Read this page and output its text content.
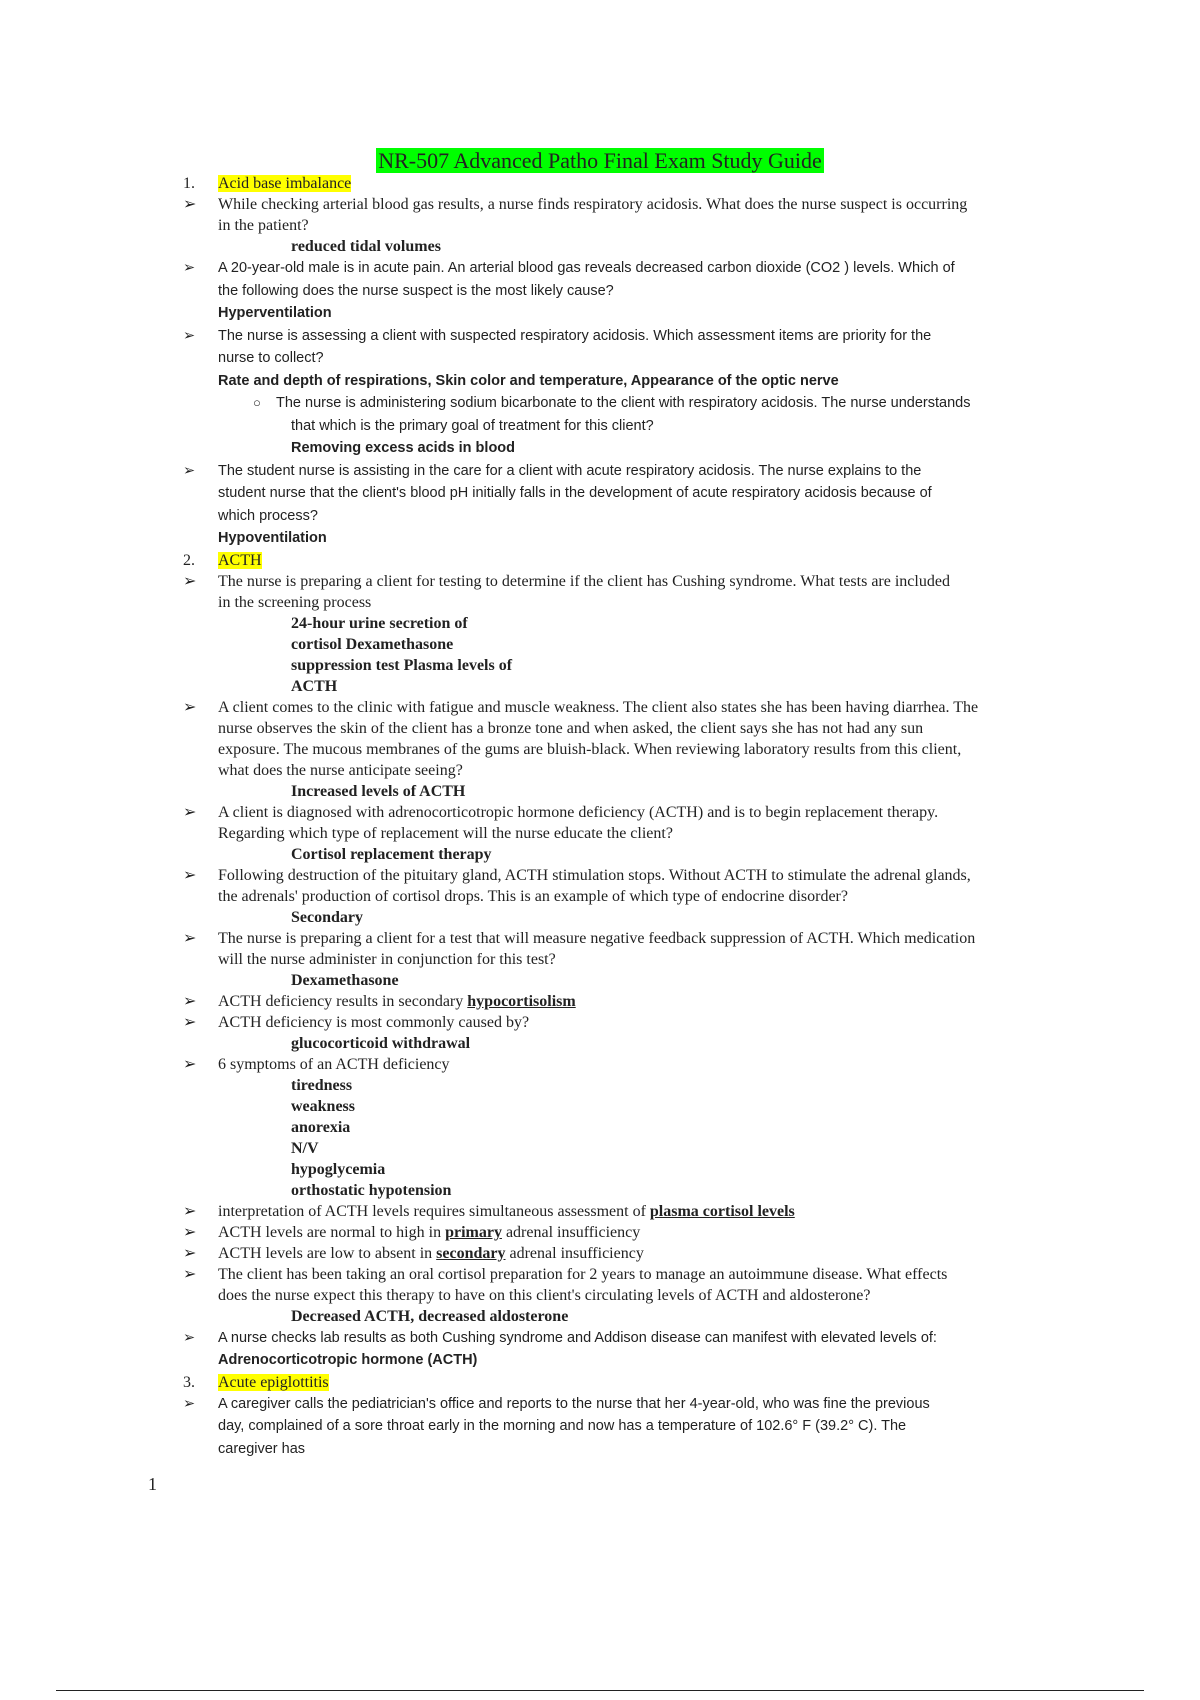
NR-507 Advanced Patho Final Exam Study Guide
1. Acid base imbalance
➢ While checking arterial blood gas results, a nurse finds respiratory acidosis. What does the nurse suspect is occurring
in the patient?
reduced tidal volumes
➢ A 20-year-old male is in acute pain. An arterial blood gas reveals decreased carbon dioxide (CO2 ) levels. Which of
the following does the nurse suspect is the most likely cause?
Hyperventilation
➢ The nurse is assessing a client with suspected respiratory acidosis. Which assessment items are priority for the
nurse to collect?
Rate and depth of respirations, Skin color and temperature, Appearance of the optic nerve
○ The nurse is administering sodium bicarbonate to the client with respiratory acidosis. The nurse understands
that which is the primary goal of treatment for this client?
Removing excess acids in blood
➢ The student nurse is assisting in the care for a client with acute respiratory acidosis. The nurse explains to the
student nurse that the client's blood pH initially falls in the development of acute respiratory acidosis because of
which process?
Hypoventilation
2. ACTH
➢ The nurse is preparing a client for testing to determine if the client has Cushing syndrome. What tests are included
in the screening process
24-hour urine secretion of
cortisol Dexamethasone
suppression test Plasma levels of
ACTH
➢ A client comes to the clinic with fatigue and muscle weakness. The client also states she has been having diarrhea. The
nurse observes the skin of the client has a bronze tone and when asked, the client says she has not had any sun
exposure. The mucous membranes of the gums are bluish-black. When reviewing laboratory results from this client,
what does the nurse anticipate seeing?
Increased levels of ACTH
➢ A client is diagnosed with adrenocorticotropic hormone deficiency (ACTH) and is to begin replacement therapy.
Regarding which type of replacement will the nurse educate the client?
Cortisol replacement therapy
➢ Following destruction of the pituitary gland, ACTH stimulation stops. Without ACTH to stimulate the adrenal glands,
the adrenals' production of cortisol drops. This is an example of which type of endocrine disorder?
Secondary
➢ The nurse is preparing a client for a test that will measure negative feedback suppression of ACTH. Which medication
will the nurse administer in conjunction for this test?
Dexamethasone
➢ ACTH deficiency results in secondary hypocortisolism
➢ ACTH deficiency is most commonly caused by?
glucocorticoid withdrawal
➢ 6 symptoms of an ACTH deficiency
tiredness
weakness
anorexia
N/V
hypoglycemia
orthostatic hypotension
➢ interpretation of ACTH levels requires simultaneous assessment of plasma cortisol levels
➢ ACTH levels are normal to high in primary adrenal insufficiency
➢ ACTH levels are low to absent in secondary adrenal insufficiency
➢ The client has been taking an oral cortisol preparation for 2 years to manage an autoimmune disease. What effects
does the nurse expect this therapy to have on this client's circulating levels of ACTH and aldosterone?
Decreased ACTH, decreased aldosterone
➢ A nurse checks lab results as both Cushing syndrome and Addison disease can manifest with elevated levels of:
Adrenocorticotropic hormone (ACTH)
3. Acute epiglottitis
➢ A caregiver calls the pediatrician's office and reports to the nurse that her 4-year-old, who was fine the previous
day, complained of a sore throat early in the morning and now has a temperature of 102.6° F (39.2° C). The
caregiver has
1
